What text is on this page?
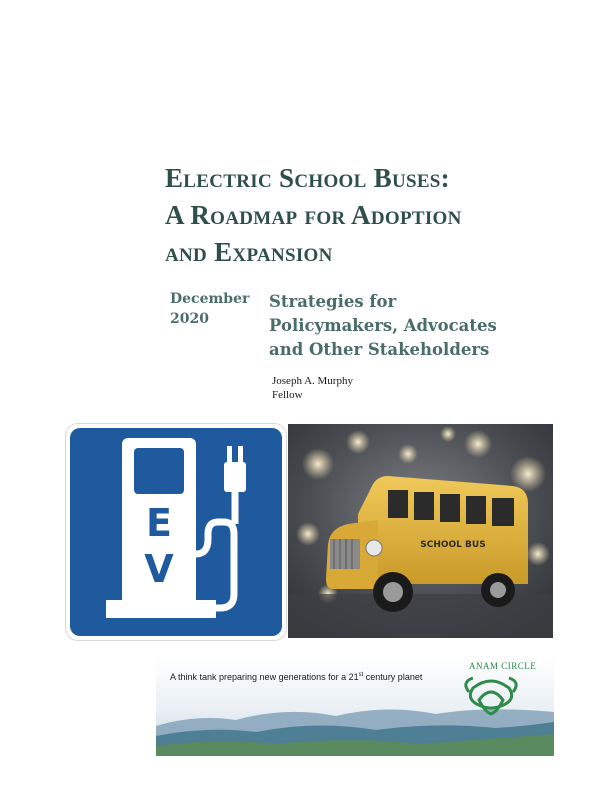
Electric School Buses:
A Roadmap for Adoption
and Expansion
December
2020
Strategies for
Policymakers, Advocates
and Other Stakeholders
Joseph A. Murphy
Fellow
E
V
SCHOOL BUS
A think tank preparing new generations for a 21st century planet
ANAM CIRCLE
